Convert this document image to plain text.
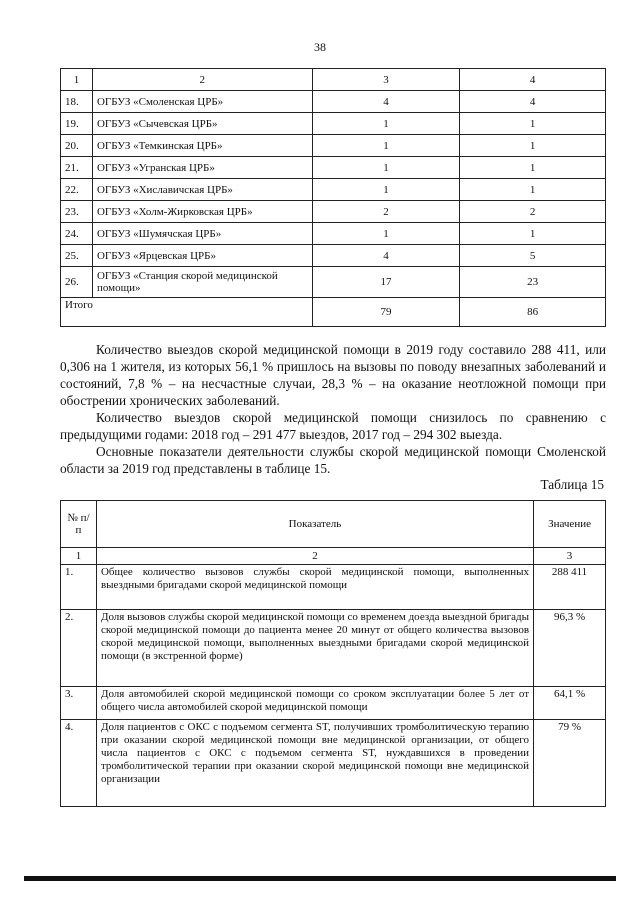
38
1	2	3	4
18.	ОГБУЗ «Смоленская ЦРБ»	4	4
19.	ОГБУЗ «Сычевская ЦРБ»	1	1
20.	ОГБУЗ «Темкинская ЦРБ»	1	1
21.	ОГБУЗ «Угранская ЦРБ»	1	1
22.	ОГБУЗ «Хиславичская ЦРБ»	1	1
23.	ОГБУЗ «Холм-Жирковская ЦРБ»	2	2
24.	ОГБУЗ «Шумячская ЦРБ»	1	1
25.	ОГБУЗ «Ярцевская ЦРБ»	4	5
26.	ОГБУЗ «Станция скорой медицинской помощи»	17	23
Итого		79	86

Количество выездов скорой медицинской помощи в 2019 году составило 288 411, или 0,306 на 1 жителя, из которых 56,1 % пришлось на вызовы по поводу внезапных заболеваний и состояний, 7,8 % – на несчастные случаи, 28,3 % – на оказание неотложной помощи при обострении хронических заболеваний.

Количество выездов скорой медицинской помощи снизилось по сравнению с предыдущими годами: 2018 год – 291 477 выездов, 2017 год – 294 302 выезда.

Основные показатели деятельности службы скорой медицинской помощи Смоленской области за 2019 год представлены в таблице 15.

Таблица 15
№ п/п	Показатель	Значение
1	2	3
1.	Общее количество вызовов службы скорой медицинской помощи, выполненных выездными бригадами скорой медицинской помощи	288 411
2.	Доля вызовов службы скорой медицинской помощи со временем доезда выездной бригады скорой медицинской помощи до пациента менее 20 минут от общего количества вызовов скорой медицинской помощи, выполненных выездными бригадами скорой медицинской помощи (в экстренной форме)	96,3 %
3.	Доля автомобилей скорой медицинской помощи со сроком эксплуатации более 5 лет от общего числа автомобилей скорой медицинской помощи	64,1 %
4.	Доля пациентов с ОКС с подъемом сегмента ST, получивших тромболитическую терапию при оказании скорой медицинской помощи вне медицинской организации, от общего числа пациентов с ОКС с подъемом сегмента ST, нуждавшихся в проведении тромболитической терапии при оказании скорой медицинской помощи вне медицинской организации	79 %
